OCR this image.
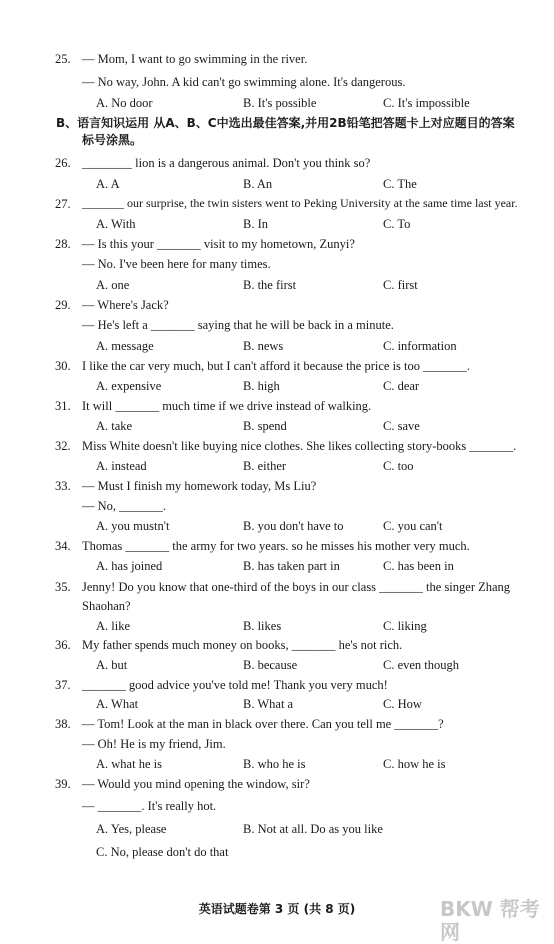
25. — Mom, I want to go swimming in the river.
— No way, John. A kid can't go swimming alone. It's dangerous.
A. No door	B. It's possible	C. It's impossible
B、语言知识运用 从A、B、C中选出最佳答案,并用2B铅笔把答题卡上对应题目的答案
标号涂黑。
26. ________ lion is a dangerous animal. Don't you think so?
A. A	B. An	C. The
27. _______ our surprise, the twin sisters went to Peking University at the same time last year.
A. With	B. In	C. To
28. — Is this your _______ visit to my hometown, Zunyi?
— No. I've been here for many times.
A. one	B. the first	C. first
29. — Where's Jack?
— He's left a _______ saying that he will be back in a minute.
A. message	B. news	C. information
30. I like the car very much, but I can't afford it because the price is too _______.
A. expensive	B. high	C. dear
31. It will _______ much time if we drive instead of walking.
A. take	B. spend	C. save
32. Miss White doesn't like buying nice clothes. She likes collecting story-books _______.
A. instead	B. either	C. too
33. — Must I finish my homework today, Ms Liu?
— No, _______.
A. you mustn't	B. you don't have to	C. you can't
34. Thomas _______ the army for two years. so he misses his mother very much.
A. has joined	B. has taken part in	C. has been in
35. Jenny! Do you know that one-third of the boys in our class _______ the singer Zhang
Shaohan?
A. like	B. likes	C. liking
36. My father spends much money on books, _______ he's not rich.
A. but	B. because	C. even though
37. _______ good advice you've told me! Thank you very much!
A. What	B. What a	C. How
38. — Tom! Look at the man in black over there. Can you tell me _______?
— Oh! He is my friend, Jim.
A. what he is	B. who he is	C. how he is
39. — Would you mind opening the window, sir?
— _______. It's really hot.
A. Yes, please	B. Not at all. Do as you like
C. No, please don't do that
英语试题卷第 3 页 (共 8 页)	BKW 帮考网
